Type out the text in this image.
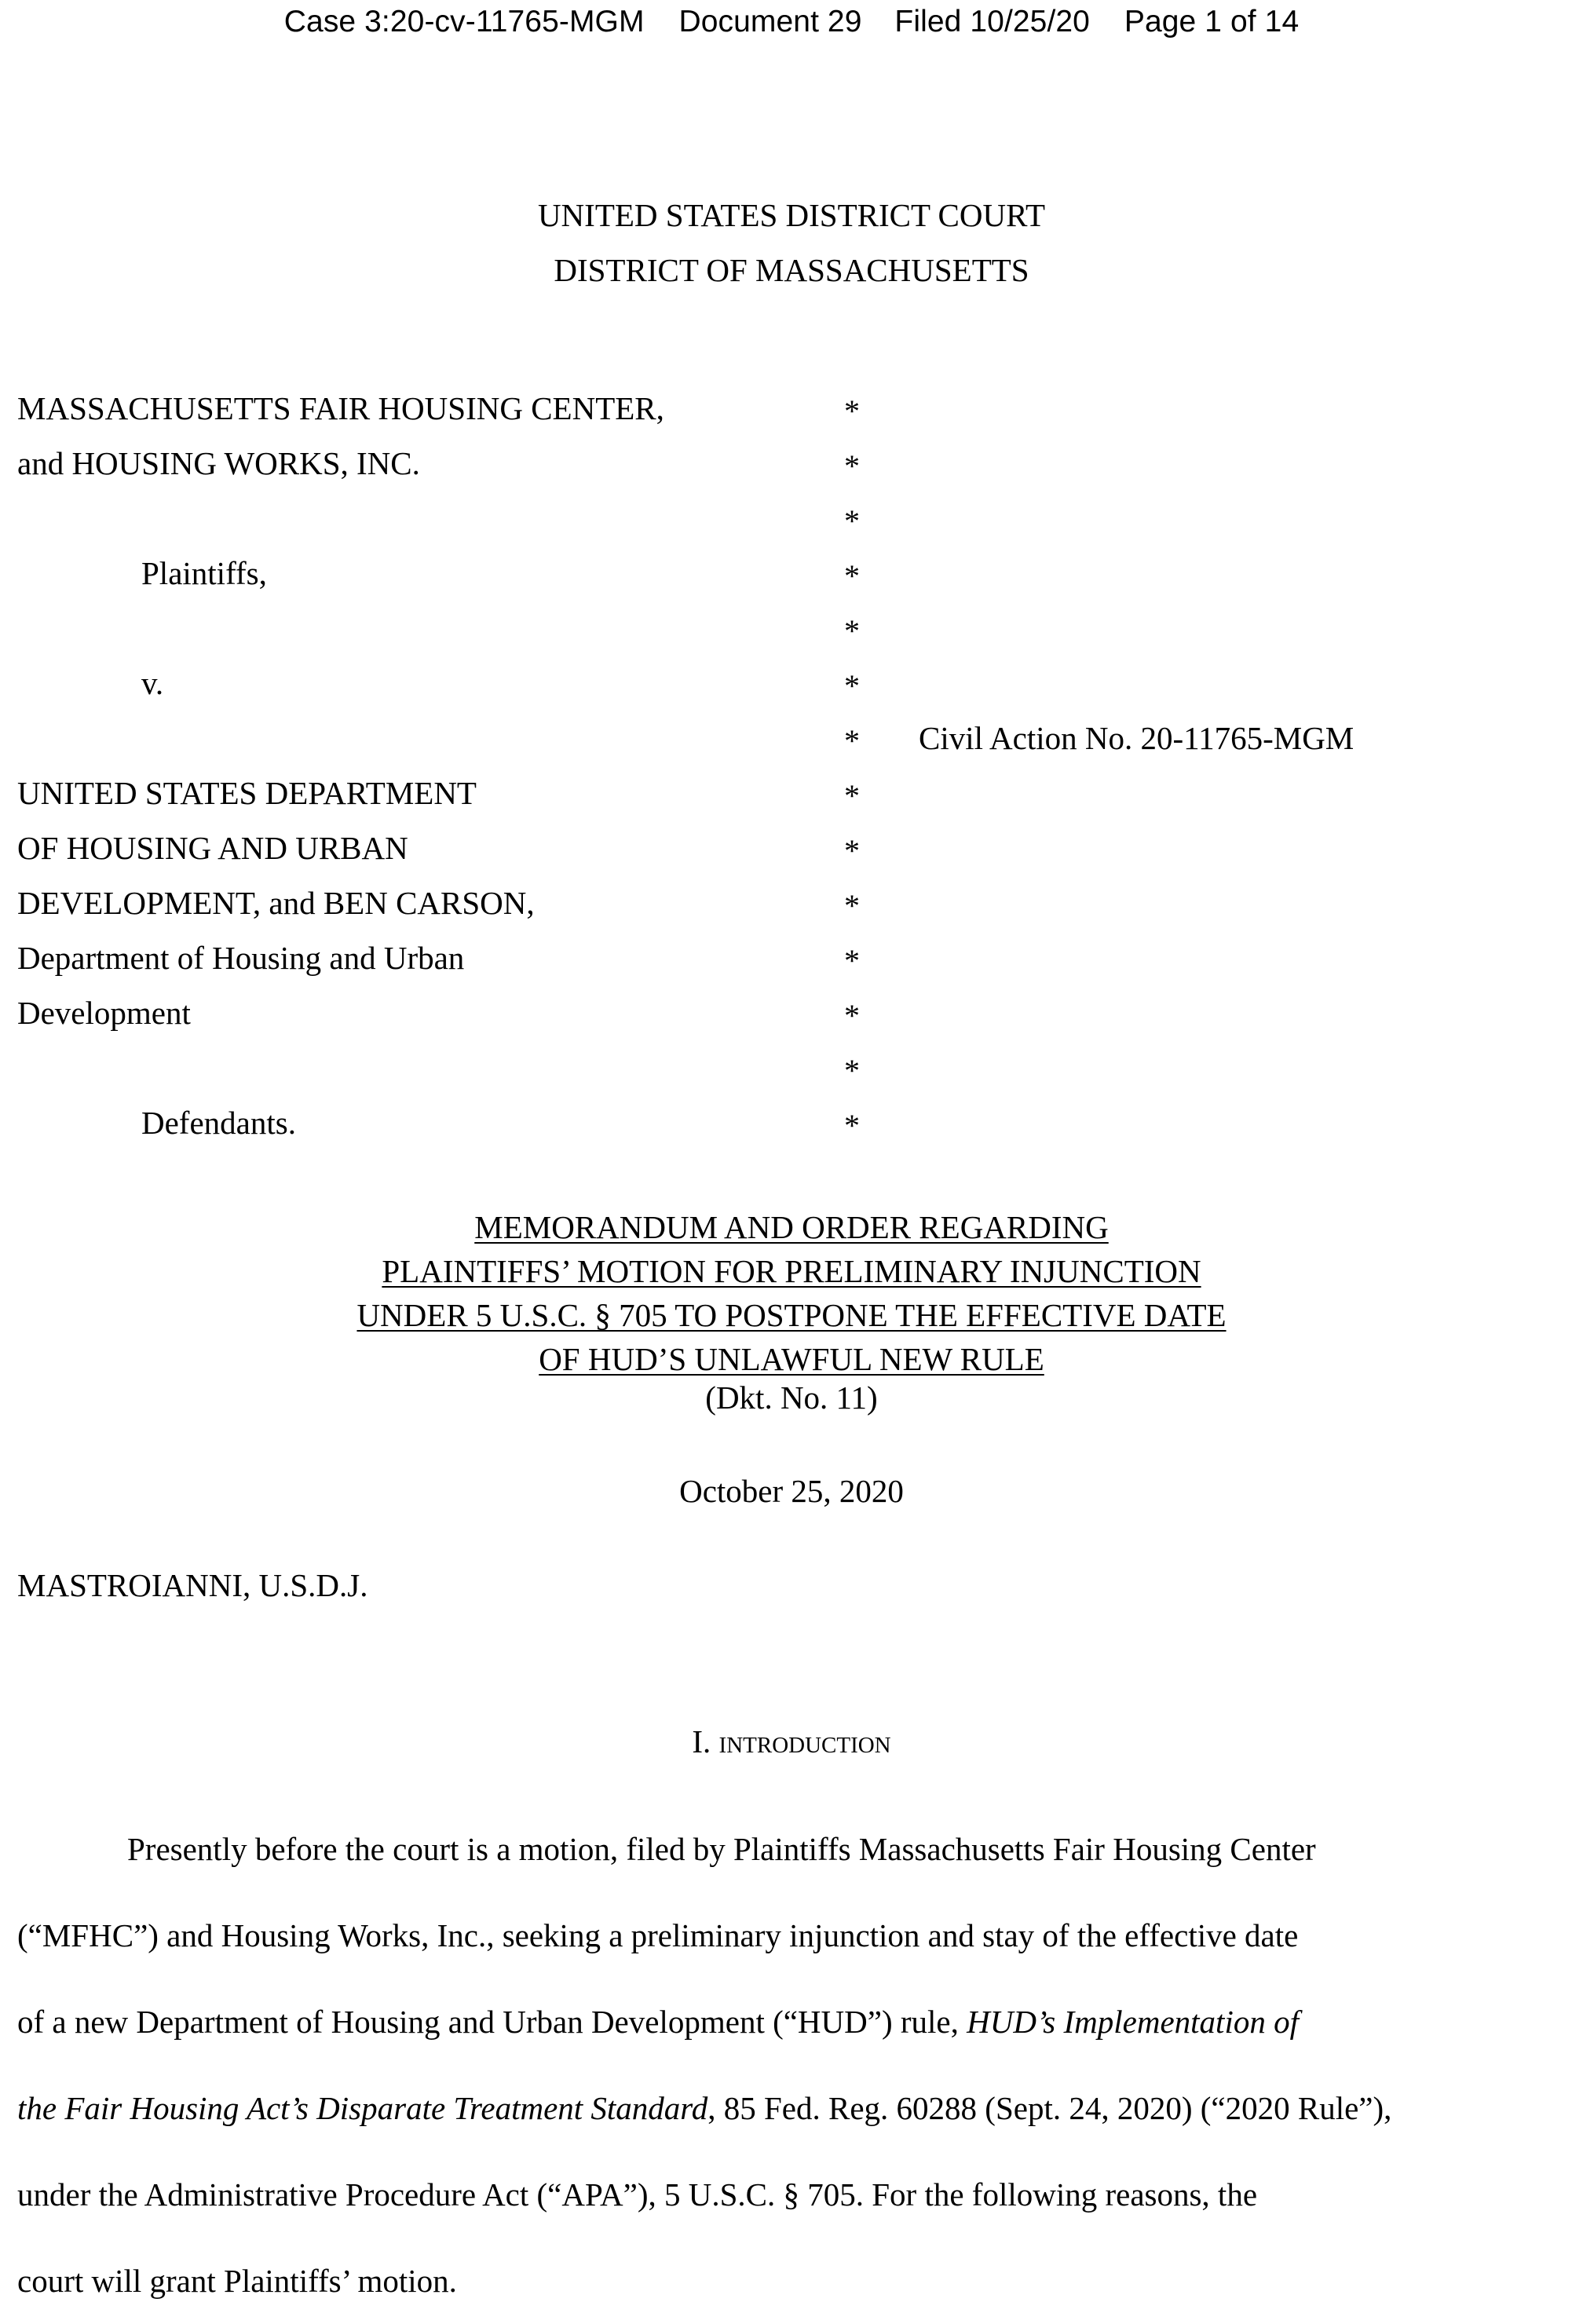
Case 3:20-cv-11765-MGM Document 29 Filed 10/25/20 Page 1 of 14
UNITED STATES DISTRICT COURT
DISTRICT OF MASSACHUSETTS
MASSACHUSETTS FAIR HOUSING CENTER,	*
and HOUSING WORKS, INC.	*
*
Plaintiffs,	*
*
v.	*
* Civil Action No. 20-11765-MGM
UNITED STATES DEPARTMENT	*
OF HOUSING AND URBAN	*
DEVELOPMENT, and BEN CARSON,	*
Department of Housing and Urban	*
Development	*
*
Defendants.	*
MEMORANDUM AND ORDER REGARDING
PLAINTIFFS’ MOTION FOR PRELIMINARY INJUNCTION
UNDER 5 U.S.C. § 705 TO POSTPONE THE EFFECTIVE DATE
OF HUD’S UNLAWFUL NEW RULE
(Dkt. No. 11)
October 25, 2020
MASTROIANNI, U.S.D.J.
I. introduction
Presently before the court is a motion, filed by Plaintiffs Massachusetts Fair Housing Center
(“MFHC”) and Housing Works, Inc., seeking a preliminary injunction and stay of the effective date
of a new Department of Housing and Urban Development (“HUD”) rule, HUD’s Implementation of
the Fair Housing Act’s Disparate Treatment Standard, 85 Fed. Reg. 60288 (Sept. 24, 2020) (“2020 Rule”),
under the Administrative Procedure Act (“APA”), 5 U.S.C. § 705. For the following reasons, the
court will grant Plaintiffs’ motion.
